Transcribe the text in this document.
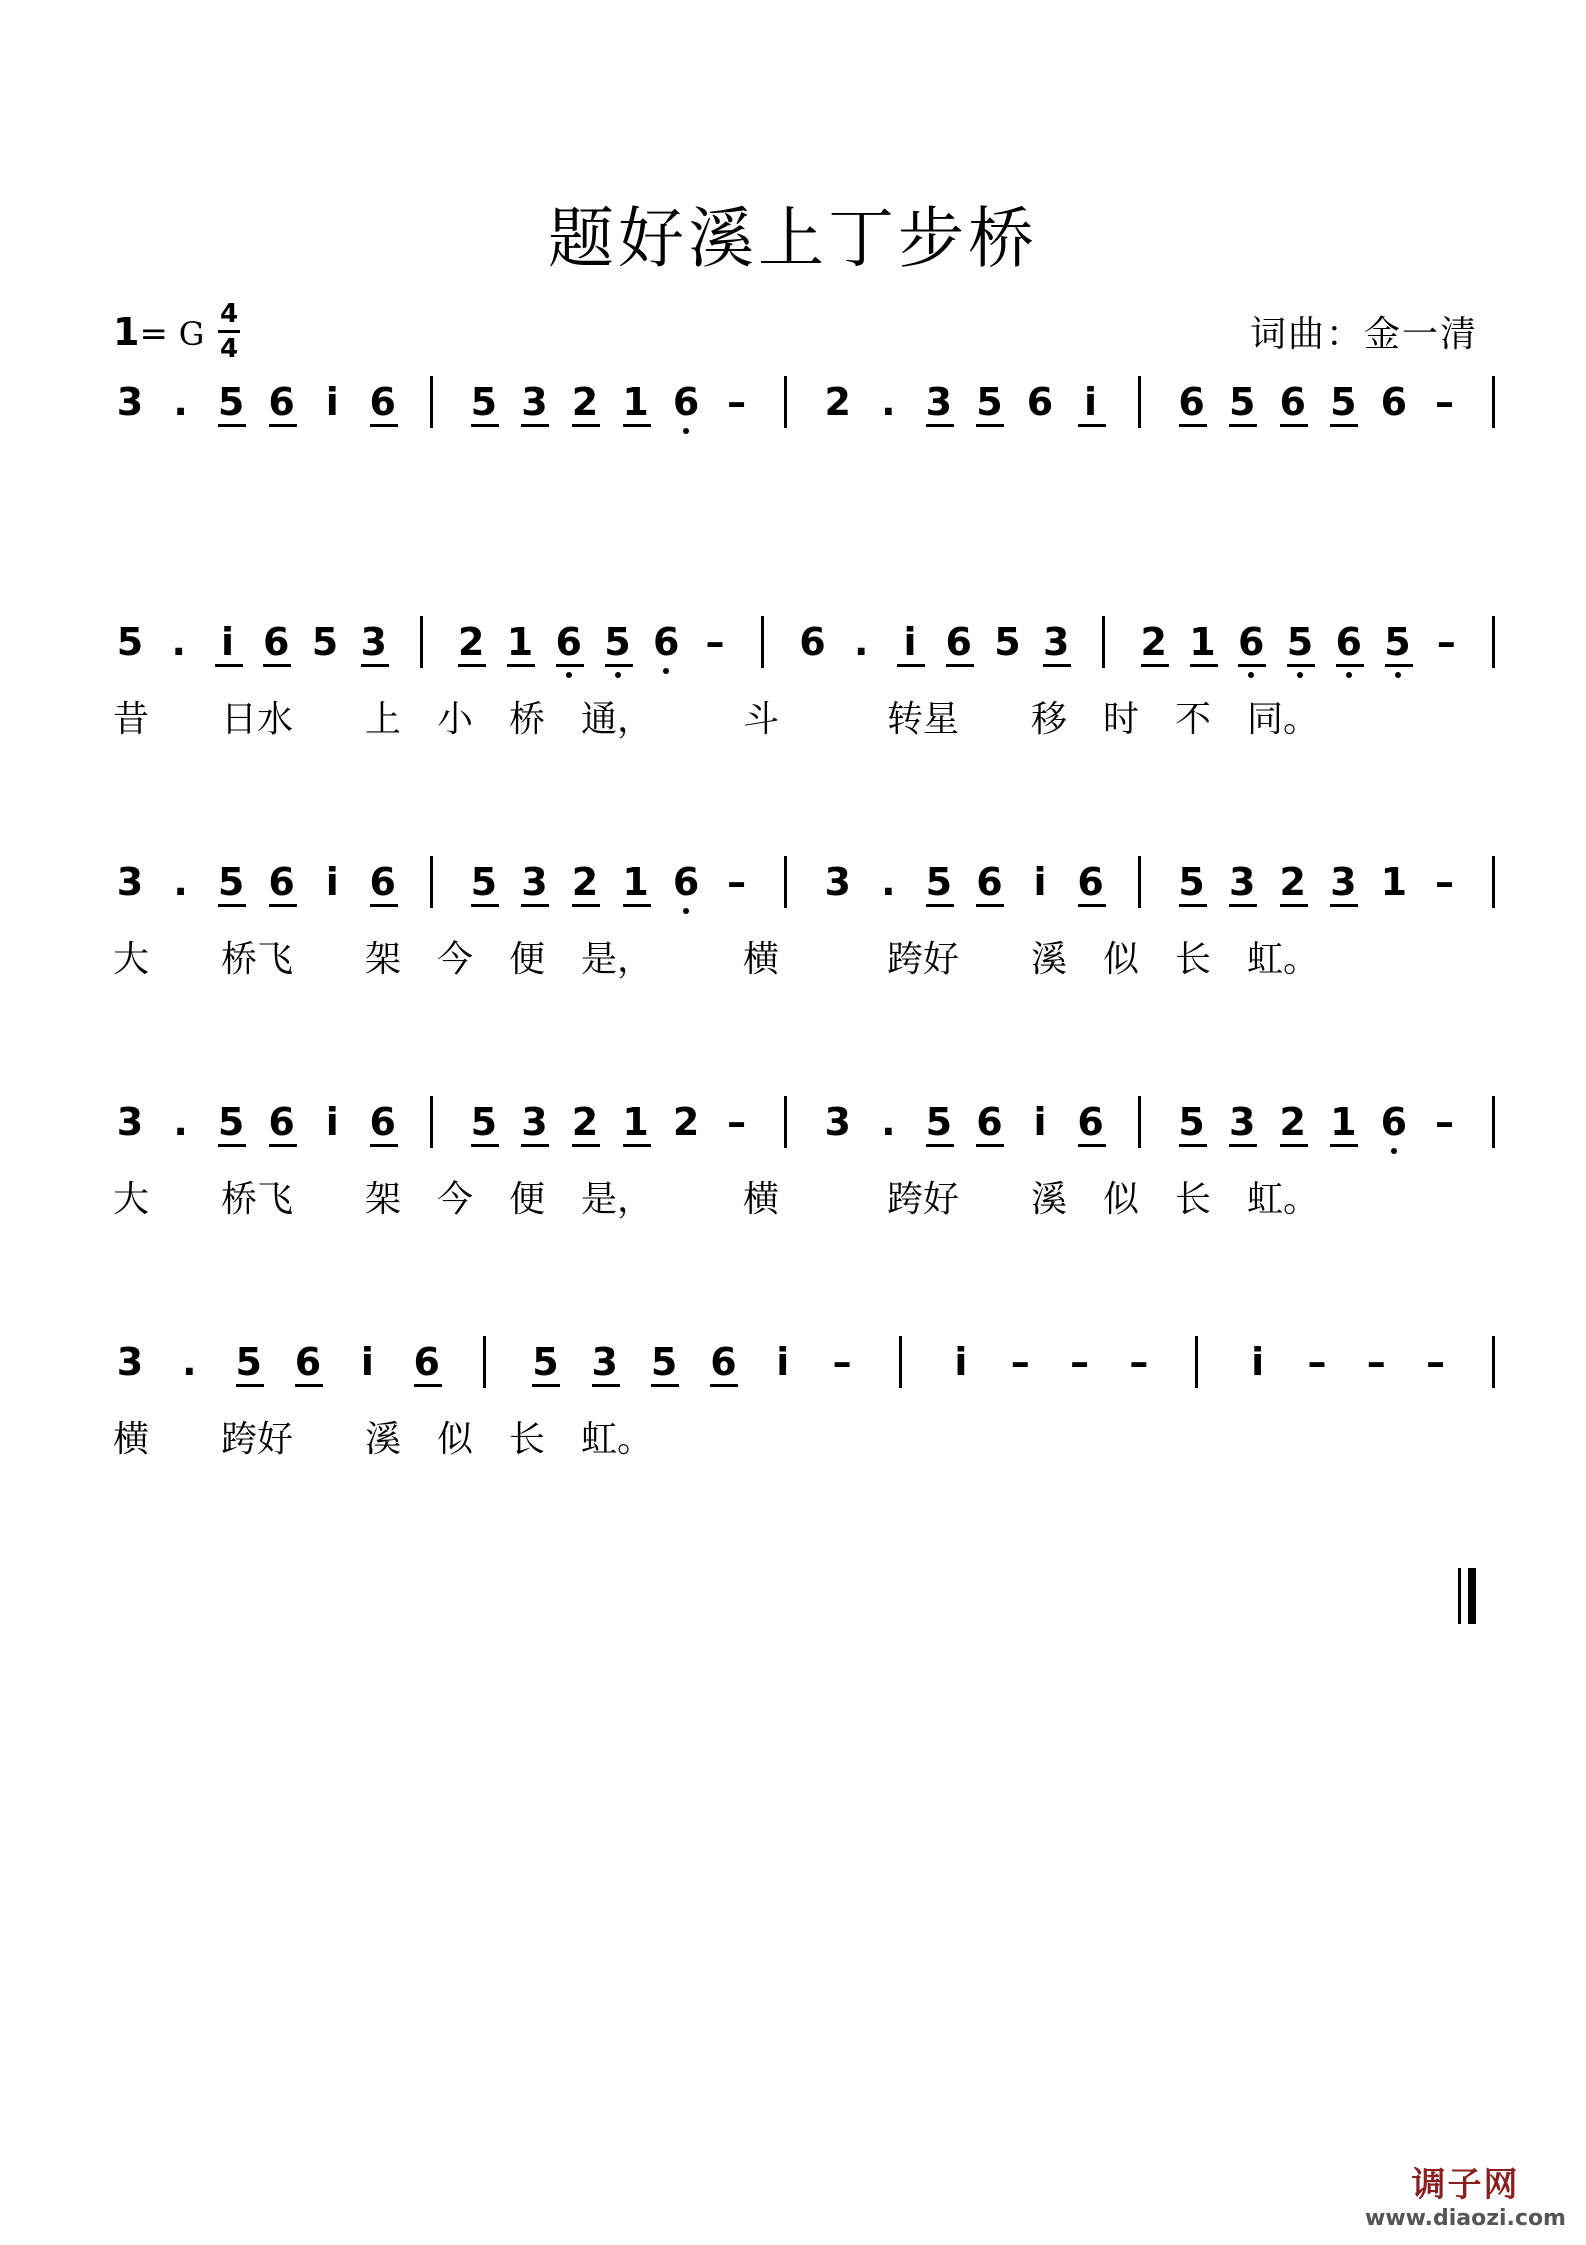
题好溪上丁步桥
1= G
4
4	词曲：金一清
3 . 5 6 i 6 5 3 2 1 6 – 2 . 3 5 6 i 6 5 6 5 6 –
5 . i 6 5 3 2 1 6 5 6 – 6 . i 6 5 3 2 1 6 5 6 5 –
昔　　日水　　上　小　桥　通，　　　斗　　　转星　　移　时　不　同。
3 . 5 6 i 6 5 3 2 1 6 – 3 . 5 6 i 6 5 3 2 3 1 –
大　　桥飞　　架　今　便　是，　　　横　　　跨好　　溪　似　长　虹。
3 . 5 6 i 6 5 3 2 1 2 – 3 . 5 6 i 6 5 3 2 1 6 –
大　　桥飞　　架　今　便　是，　　　横　　　跨好　　溪　似　长　虹。
3 . 5 6 i 6 5 3 5 6 i –	i – – –	i – – –
横　　跨好　　溪　似　长　虹。
调子网
www.diaozi.com
